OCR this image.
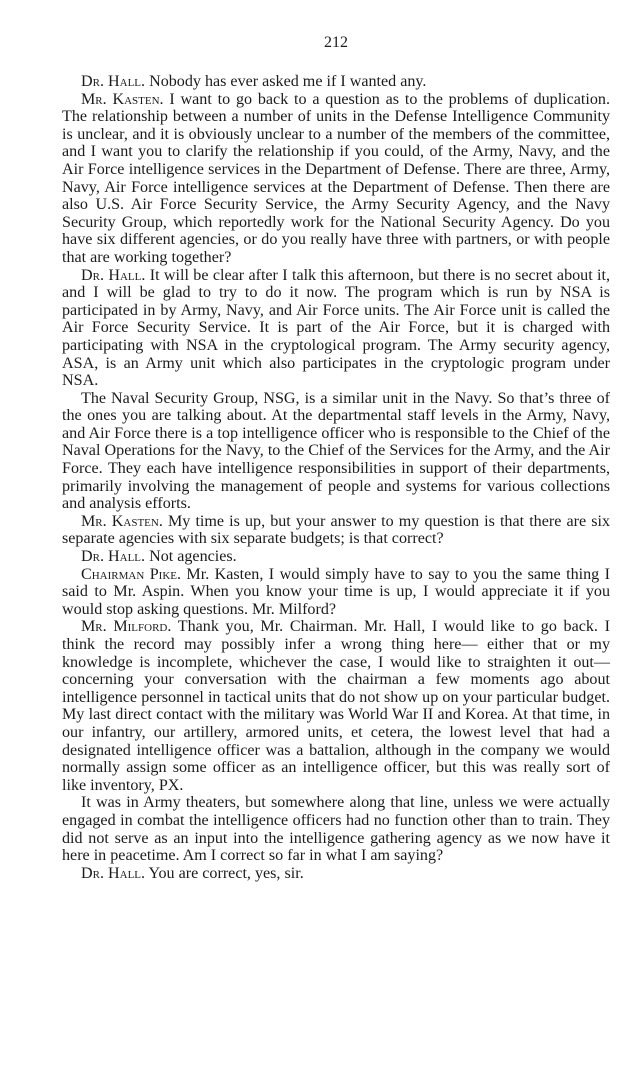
212

Dr. Hall. Nobody has ever asked me if I wanted any.

Mr. Kasten. I want to go back to a question as to the problems of duplication. The relationship between a number of units in the Defense Intelligence Community is unclear, and it is obviously unclear to a number of the members of the committee, and I want you to clarify the relationship if you could, of the Army, Navy, and the Air Force intelligence services in the Department of Defense. There are three, Army, Navy, Air Force intelligence services at the Department of Defense. Then there are also U.S. Air Force Security Service, the Army Security Agency, and the Navy Security Group, which reportedly work for the National Security Agency. Do you have six different agencies, or do you really have three with partners, or with people that are working together?

Dr. Hall. It will be clear after I talk this afternoon, but there is no secret about it, and I will be glad to try to do it now. The program which is run by NSA is participated in by Army, Navy, and Air Force units. The Air Force unit is called the Air Force Security Service. It is part of the Air Force, but it is charged with participating with NSA in the cryptological program. The Army security agency, ASA, is an Army unit which also participates in the cryptologic program under NSA.

The Naval Security Group, NSG, is a similar unit in the Navy. So that’s three of the ones you are talking about. At the departmental staff levels in the Army, Navy, and Air Force there is a top intelligence officer who is responsible to the Chief of the Naval Operations for the Navy, to the Chief of the Services for the Army, and the Air Force. They each have intelligence responsibilities in support of their departments, primarily involving the management of people and systems for various collections and analysis efforts.

Mr. Kasten. My time is up, but your answer to my question is that there are six separate agencies with six separate budgets; is that correct?

Dr. Hall. Not agencies.

Chairman Pike. Mr. Kasten, I would simply have to say to you the same thing I said to Mr. Aspin. When you know your time is up, I would appreciate it if you would stop asking questions. Mr. Milford?

Mr. Milford. Thank you, Mr. Chairman. Mr. Hall, I would like to go back. I think the record may possibly infer a wrong thing here— either that or my knowledge is incomplete, whichever the case, I would like to straighten it out—concerning your conversation with the chairman a few moments ago about intelligence personnel in tactical units that do not show up on your particular budget. My last direct contact with the military was World War II and Korea. At that time, in our infantry, our artillery, armored units, et cetera, the lowest level that had a designated intelligence officer was a battalion, although in the company we would normally assign some officer as an intelligence officer, but this was really sort of like inventory, PX.

It was in Army theaters, but somewhere along that line, unless we were actually engaged in combat the intelligence officers had no function other than to train. They did not serve as an input into the intelligence gathering agency as we now have it here in peacetime. Am I correct so far in what I am saying?

Dr. Hall. You are correct, yes, sir.
